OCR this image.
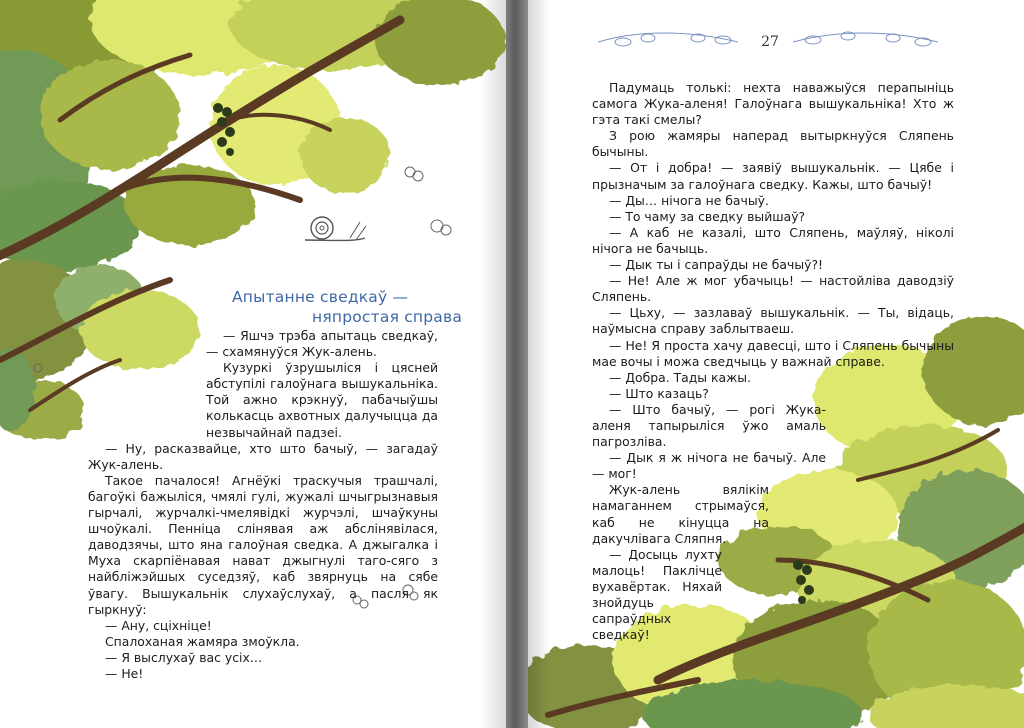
Апытанне сведкаў —
няпростая справа

— Яшчэ трэба апытаць сведкаў, — схамянуўся Жук-алень.

Кузуркі ўзрушыліся і цясней абступілі галоўнага вышукальніка. Той ажно крэкнуў, пабачыўшы колькасць ахвотных далучыцца да незвычайнай падзеі.

— Ну, расказвайце, хто што бачыў, — загадаў Жук-алень.

Такое пачалося! Агнёўкі траскучыя трашчалі, багоўкі бажыліся, чмялі гулі, жужалі шчыгрызнавыя гырчалі, журчалкі-чмелявідкі журчэлі, шчаўкуны шчоўкалі. Пенніца слінявая аж абслінявілася, даводзячы, што яна галоўная сведка. А джыгалка і Муха скарпіёнавая нават джыгнулі таго-сяго з найбліжэйшых суседзяў, каб звярнуць на сябе ўвагу. Вышукальнік слухаўслухаў, а пасля як гыркнуў:

— Ану, сціхніце!

Спалоханая жамяра змоўкла.

— Я выслухаў вас усіх…

— Не!

27

Падумаць толькі: нехта наважыўся перапыніць самога Жука-аленя! Галоўнага вышукальніка! Хто ж гэта такі смелы?

З рою жамяры наперад вытыркнуўся Сляпень бычыны.

— От і добра! — заявіў вышукальнік. — Цябе і прызначым за галоўнага сведку. Кажы, што бачыў!

— Ды… нічога не бачыў.

— То чаму за сведку выйшаў?

— А каб не казалі, што Сляпень, маўляў, ніколі нічога не бачыць.

— Дык ты і сапраўды не бачыў?!

— Не! Але ж мог убачыць! — настойліва даводзіў Сляпень.

— Цьху, — зазлаваў вышукальнік. — Ты, відаць, наўмысна справу заблытваеш.

— Не! Я проста хачу давесці, што і Сляпень бычыны мае вочы і можа сведчыць у важнай справе.

— Добра. Тады кажы.

— Што казаць?

— Што бачыў, — рогі Жука-аленя тапырыліся ўжо амаль пагрозліва.

— Дык я ж нічога не бачыў. Але — мог!

Жук-алень вялікім намаганнем стрымаўся, каб не кінуцца на дакучлівага Сляпня.

— Досыць лухту малоць! Паклічце вухавёртак. Няхай знойдуць сапраўдных сведкаў!
